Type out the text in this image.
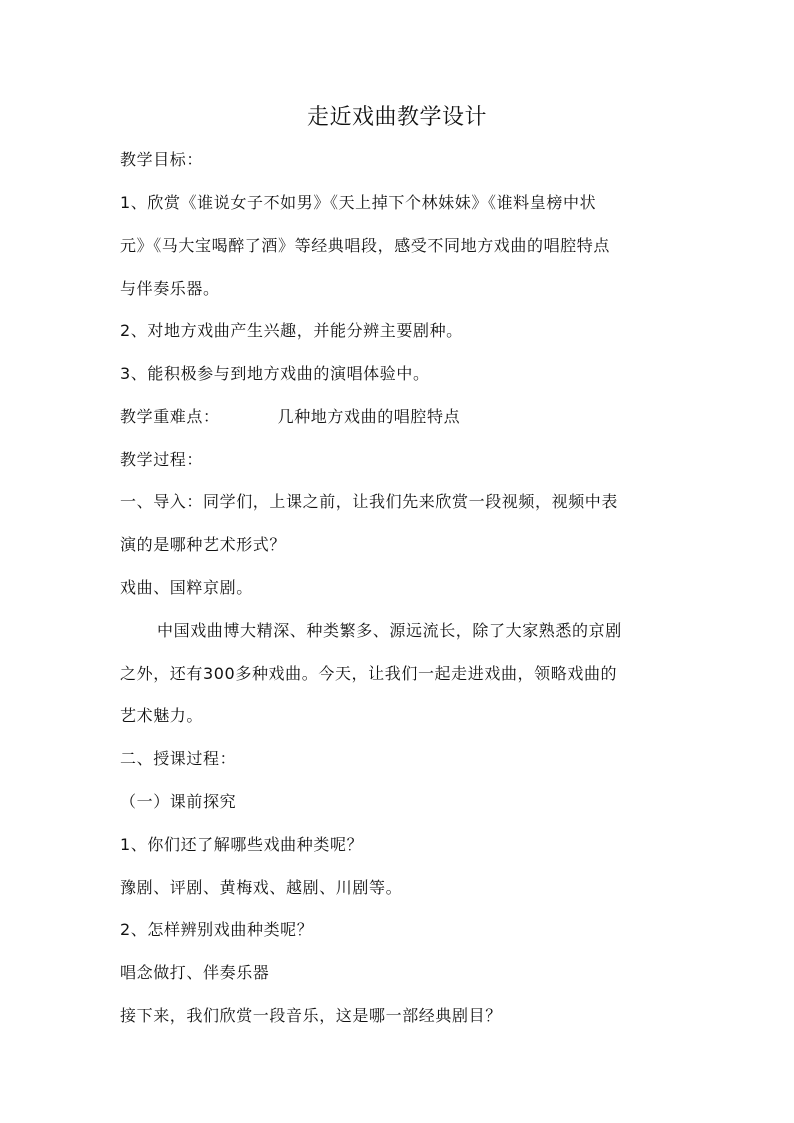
走近戏曲教学设计
教学目标：
1、欣赏《谁说女子不如男》《天上掉下个林妹妹》《谁料皇榜中状
元》《马大宝喝醉了酒》等经典唱段，感受不同地方戏曲的唱腔特点
与伴奏乐器。
2、对地方戏曲产生兴趣，并能分辨主要剧种。
3、能积极参与到地方戏曲的演唱体验中。
教学重难点：	几种地方戏曲的唱腔特点
教学过程：
一、导入：同学们，上课之前，让我们先来欣赏一段视频，视频中表
演的是哪种艺术形式？
戏曲、国粹京剧。
中国戏曲博大精深、种类繁多、源远流长，除了大家熟悉的京剧
之外，还有300多种戏曲。今天，让我们一起走进戏曲，领略戏曲的
艺术魅力。
二、授课过程：
（一）课前探究
1、你们还了解哪些戏曲种类呢？
豫剧、评剧、黄梅戏、越剧、川剧等。
2、怎样辨别戏曲种类呢？
唱念做打、伴奏乐器
接下来，我们欣赏一段音乐，这是哪一部经典剧目？
